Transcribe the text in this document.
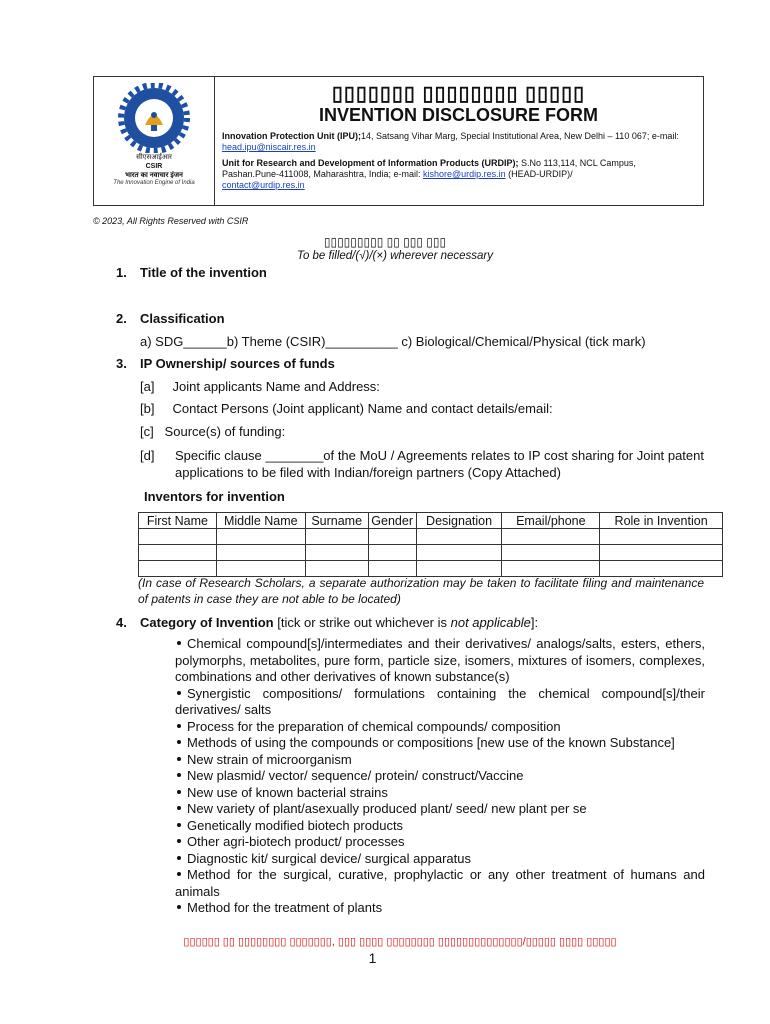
सीएसआईआर
CSIR
भारत का नवाचार इंजन
The Innovation Engine of India
▯▯▯▯▯▯▯ ▯▯▯▯▯▯▯▯ ▯▯▯▯▯
INVENTION DISCLOSURE FORM

Innovation Protection Unit (IPU);14, Satsang Vihar Marg, Special Institutional Area, New Delhi – 110 067; e-mail: head.ipu@niscair.res.in

Unit for Research and Development of Information Products (URDIP); S.No 113,114, NCL Campus, Pashan.Pune-411008, Maharashtra, India; e-mail: kishore@urdip.res.in (HEAD-URDIP)/
contact@urdip.res.in

© 2023, All Rights Reserved with CSIR
▯▯▯▯▯▯▯▯▯ ▯▯ ▯▯▯ ▯▯▯
To be filled/(√)/(×) wherever necessary
1. Title of the invention
2. Classification
a) SDG______b) Theme (CSIR)__________ c) Biological/Chemical/Physical (tick mark)
3. IP Ownership/ sources of funds
[a]     Joint applicants Name and Address:
[b]     Contact Persons (Joint applicant) Name and contact details/email:
[c]   Source(s) of funding:
[d] Specific clause ________of the MoU / Agreements relates to IP cost sharing for Joint patent applications to be filed with Indian/foreign partners (Copy Attached)
Inventors for invention
First Name	Middle Name	Surname	Gender	Designation	Email/phone	Role in Invention

(In case of Research Scholars, a separate authorization may be taken to facilitate filing and maintenance of patents in case they are not able to be located)
4. Category of Invention [tick or strike out whichever is not applicable]:
Chemical compound[s]/intermediates and their derivatives/ analogs/salts, esters, ethers, polymorphs, metabolites, pure form, particle size, isomers, mixtures of isomers, complexes, combinations and other derivatives of known substance(s)
Synergistic compositions/ formulations containing the chemical compound[s]/their derivatives/ salts
Process for the preparation of chemical compounds/ composition
Methods of using the compounds or compositions [new use of the known Substance]
New strain of microorganism
New plasmid/ vector/ sequence/ protein/ construct/Vaccine
New use of known bacterial strains
New variety of plant/asexually produced plant/ seed/ new plant per se
Genetically modified biotech products
Other agri-biotech product/ processes
Diagnostic kit/ surgical device/ surgical apparatus
Method for the surgical, curative, prophylactic or any other treatment of humans and animals
Method for the treatment of plants
▯▯▯▯▯▯ ▯▯ ▯▯▯▯▯▯▯▯ ▯▯▯▯▯▯▯, ▯▯▯ ▯▯▯▯ ▯▯▯▯▯▯▯▯ ▯▯▯▯▯▯▯▯▯▯▯▯▯▯/▯▯▯▯▯ ▯▯▯▯ ▯▯▯▯▯
1
